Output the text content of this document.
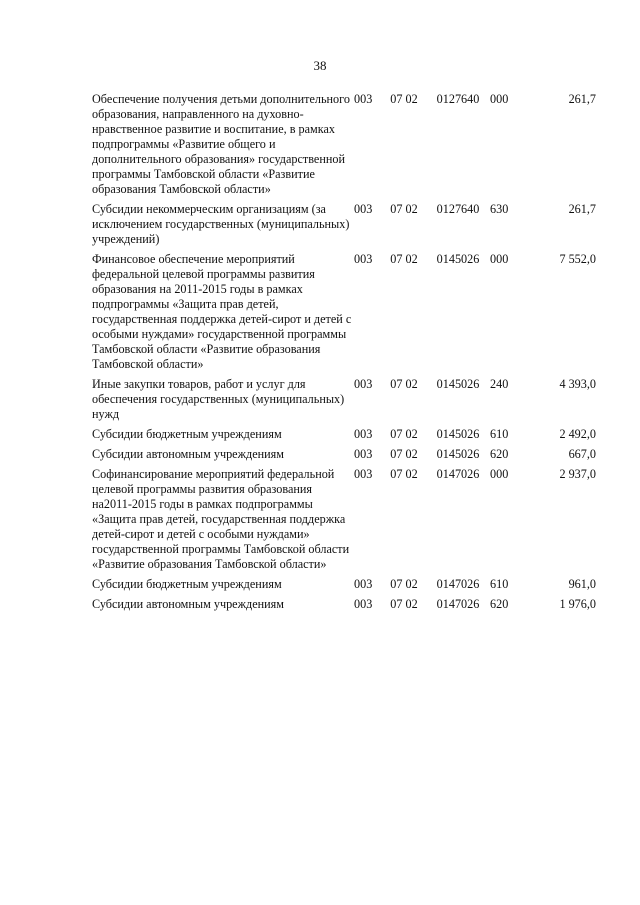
38
Обеспечение получения детьми дополнительного образования, направленного на духовно-нравственное развитие и воспитание, в рамках подпрограммы «Развитие общего и дополнительного образования» государственной программы Тамбовской области «Развитие образования Тамбовской области»	003	07 02	0127640	000	261,7
Субсидии некоммерческим организациям (за исключением государственных (муниципальных) учреждений)	003	07 02	0127640	630	261,7
Финансовое обеспечение мероприятий федеральной целевой программы развития образования на 2011-2015 годы в рамках подпрограммы «Защита прав детей, государственная поддержка детей-сирот и детей с особыми нуждами» государственной программы Тамбовской области «Развитие образования Тамбовской области»	003	07 02	0145026	000	7 552,0
Иные закупки товаров, работ и услуг для обеспечения государственных (муниципальных) нужд	003	07 02	0145026	240	4 393,0
Субсидии бюджетным учреждениям	003	07 02	0145026	610	2 492,0
Субсидии автономным учреждениям	003	07 02	0145026	620	667,0
Софинансирование мероприятий федеральной целевой программы развития образования на2011-2015 годы в рамках подпрограммы «Защита прав детей, государственная поддержка детей-сирот и детей с особыми нуждами» государственной программы Тамбовской области «Развитие образования Тамбовской области»	003	07 02	0147026	000	2 937,0
Субсидии бюджетным учреждениям	003	07 02	0147026	610	961,0
Субсидии автономным учреждениям	003	07 02	0147026	620	1 976,0
